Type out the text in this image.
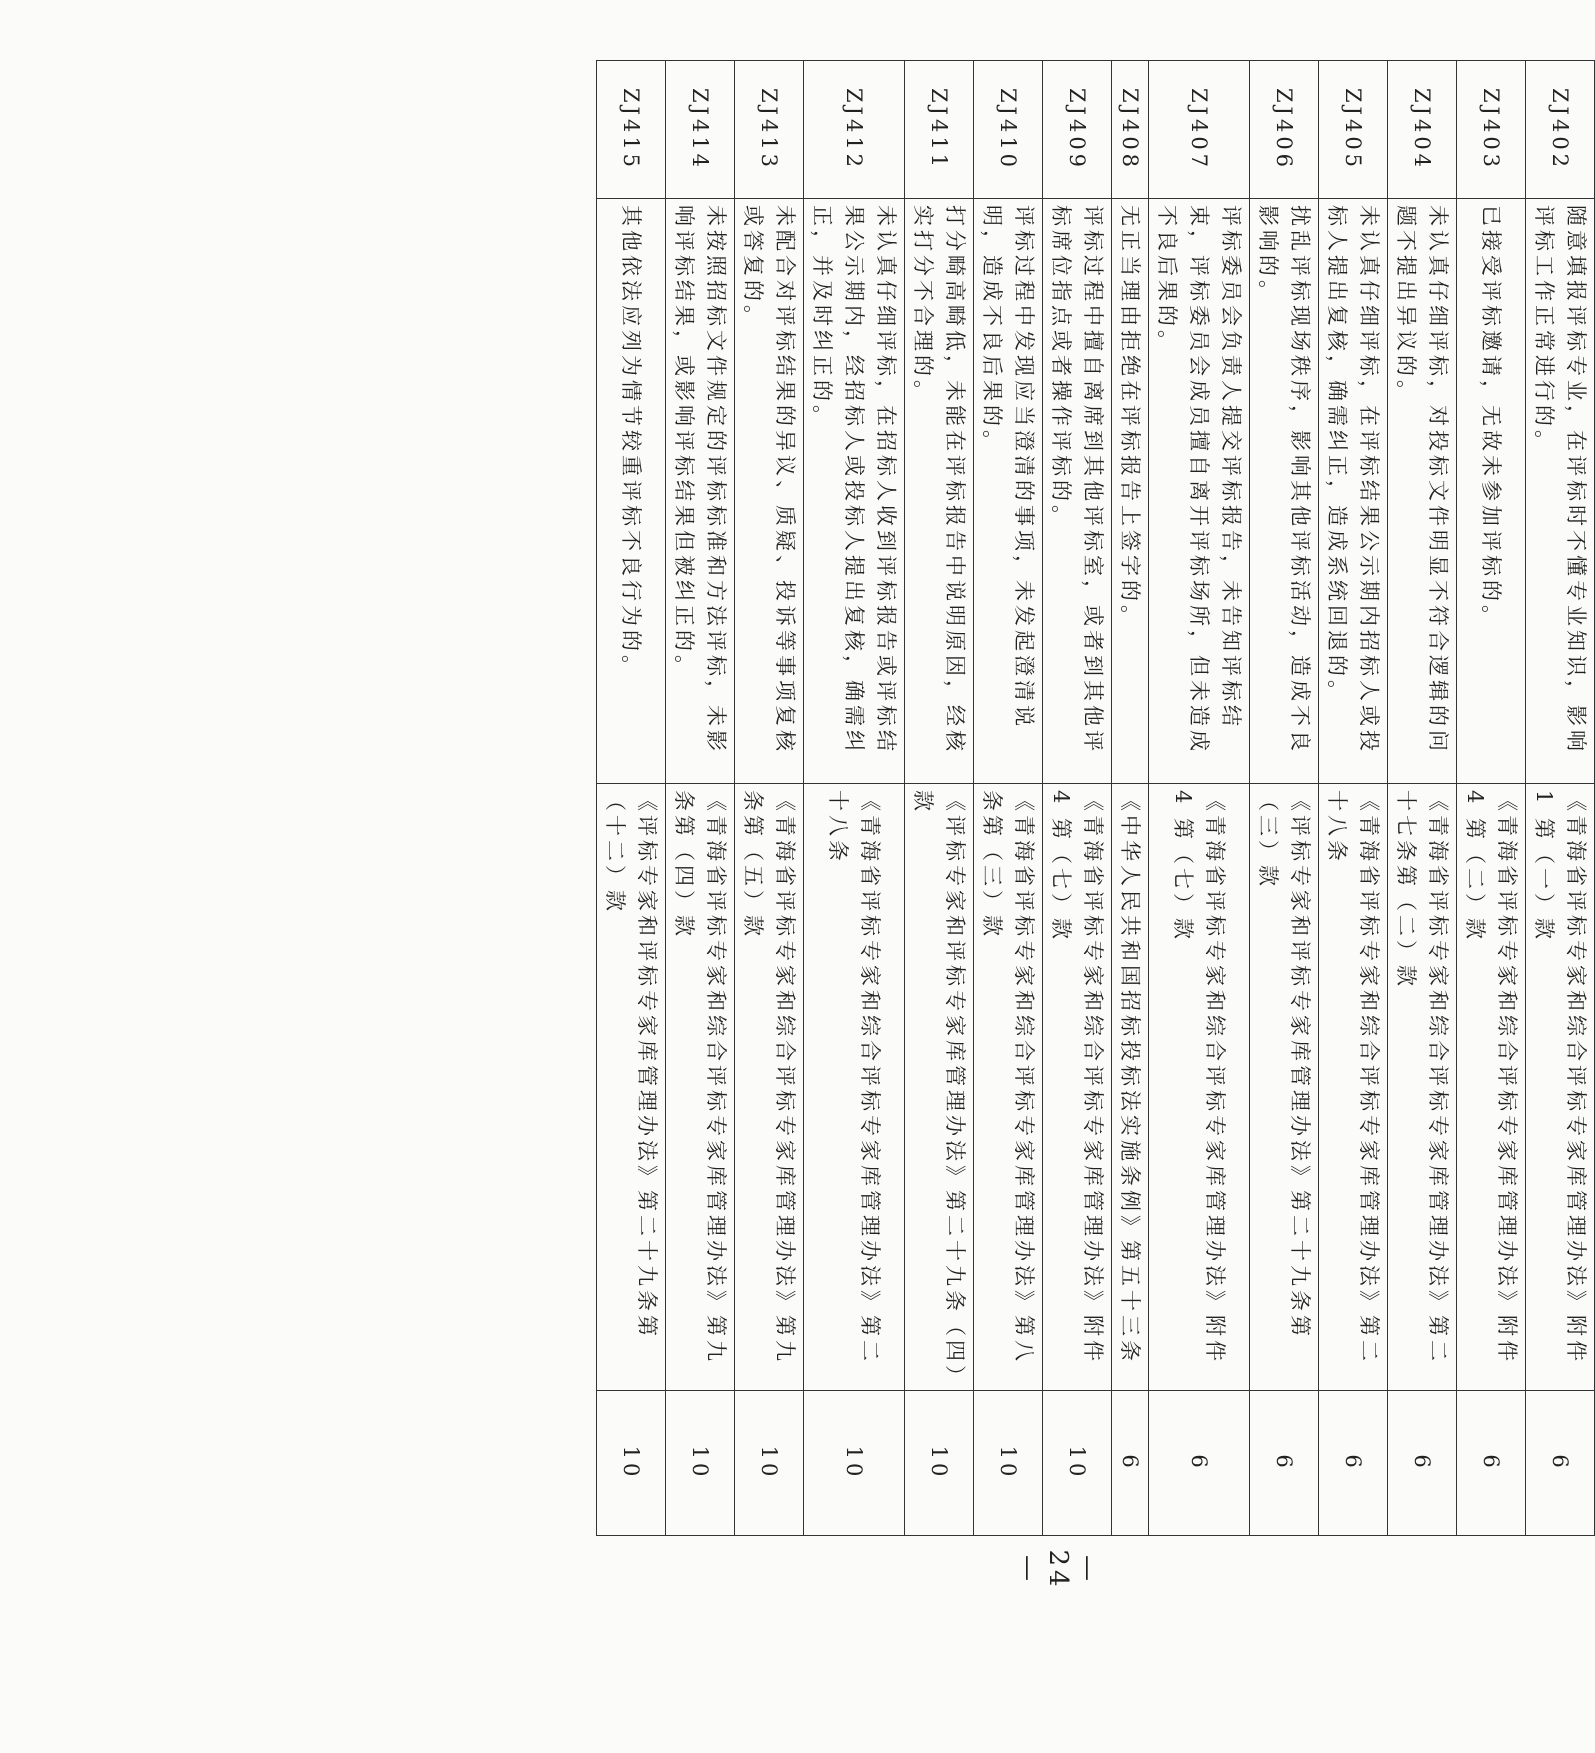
ZJ402	随意填报评标专业，在评标时不懂专业知识，影响评标工作正常进行的。	《青海省评标专家和综合评标专家库管理办法》附件 1 第（一）款	6
ZJ403	已接受评标邀请，无故未参加评标的。	《青海省评标专家和综合评标专家库管理办法》附件 4 第（二）款	6
ZJ404	未认真仔细评标，对投标文件明显不符合逻辑的问题不提出异议的。	《青海省评标专家和综合评标专家库管理办法》第二十七条第（二）款	6
ZJ405	未认真仔细评标，在评标结果公示期内招标人或投标人提出复核，确需纠正，造成系统回退的。	《青海省评标专家和综合评标专家库管理办法》第二十八条	6
ZJ406	扰乱评标现场秩序，影响其他评标活动，造成不良影响的。	《评标专家和评标专家库管理办法》第二十九条第（三）款	6
ZJ407	评标委员会负责人提交评标报告，未告知评标结束，评标委员会成员擅自离开评标场所，但未造成不良后果的。	《青海省评标专家和综合评标专家库管理办法》附件 4 第（七）款	6
ZJ408	无正当理由拒绝在评标报告上签字的。	《中华人民共和国招标投标法实施条例》第五十三条	6
ZJ409	评标过程中擅自离席到其他评标室，或者到其他评标席位指点或者操作评标的。	《青海省评标专家和综合评标专家库管理办法》附件 4 第（七）款	10
ZJ410	评标过程中发现应当澄清的事项，未发起澄清说明，造成不良后果的。	《青海省评标专家和综合评标专家库管理办法》第八条第（三）款	10
ZJ411	打分畸高畸低，未能在评标报告中说明原因，经核实打分不合理的。	《评标专家和评标专家库管理办法》第二十九条（四）款	10
ZJ412	未认真仔细评标，在招标人收到评标报告或评标结果公示期内，经招标人或投标人提出复核，确需纠正，并及时纠正的。	《青海省评标专家和综合评标专家库管理办法》第二十八条	10
ZJ413	未配合对评标结果的异议、质疑、投诉等事项复核或答复的。	《青海省评标专家和综合评标专家库管理办法》第九条第（五）款	10
ZJ414	未按照招标文件规定的评标标准和方法评标，未影响评标结果，或影响评标结果但被纠正的。	《青海省评标专家和综合评标专家库管理办法》第九条第（四）款	10
ZJ415	其他依法应列为情节较重评标不良行为的。	《评标专家和评标专家库管理办法》第二十九条第（十二）款	10
— 24 —
